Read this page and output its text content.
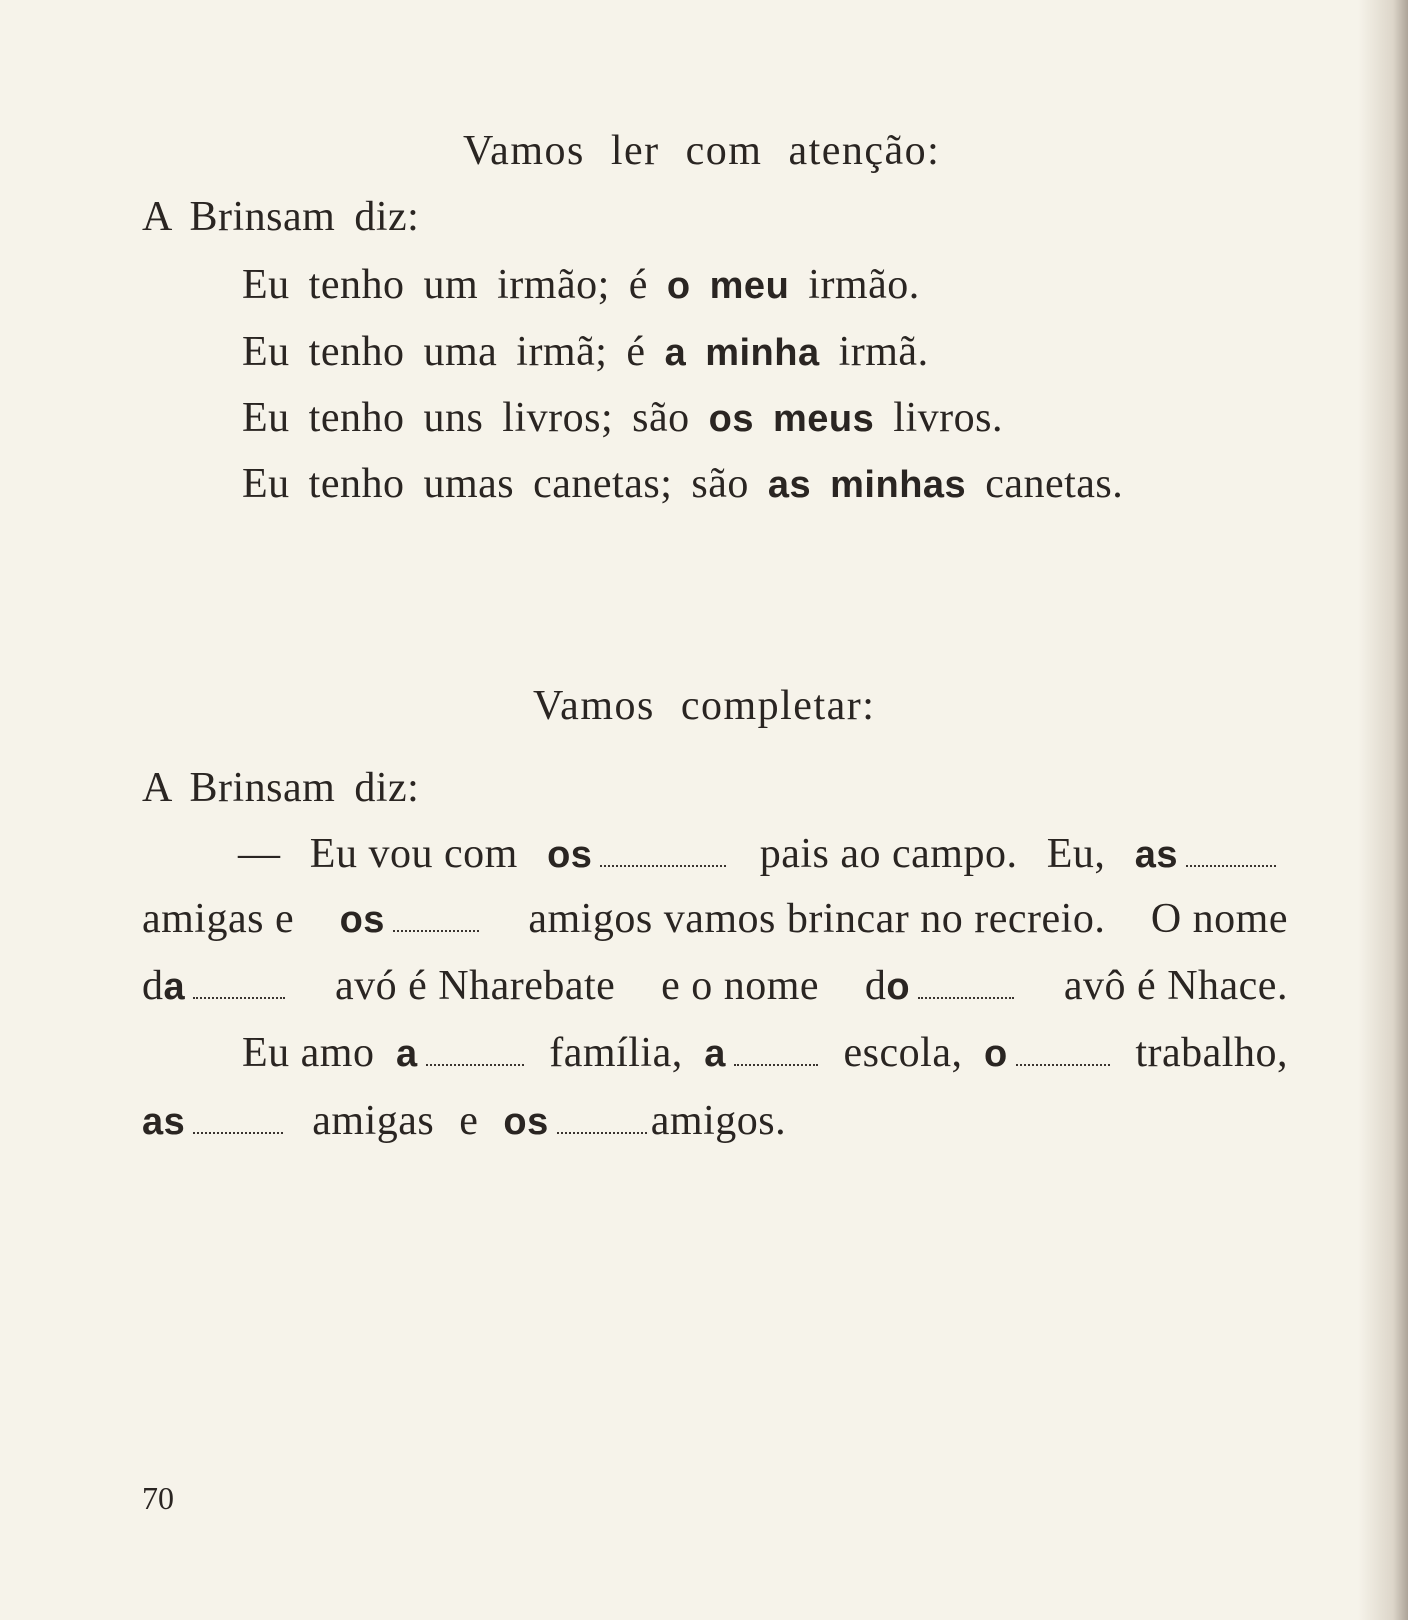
Vamos ler com atenção:
A Brinsam diz:
Eu tenho um irmão; é o meu irmão.
Eu tenho uma irmã; é a minha irmã.
Eu tenho uns livros; são os meus livros.
Eu tenho umas canetas; são as minhas canetas.
Vamos completar:
A Brinsam diz:
— Eu vou com os	pais ao campo. Eu, as
amigas e os	amigos vamos brincar no recreio. O nome
da	avó é Nharebate e o nome do	avô é Nhace.
Eu amo a	família, a	escola, o	trabalho,
as	amigas e os amigos.
70
